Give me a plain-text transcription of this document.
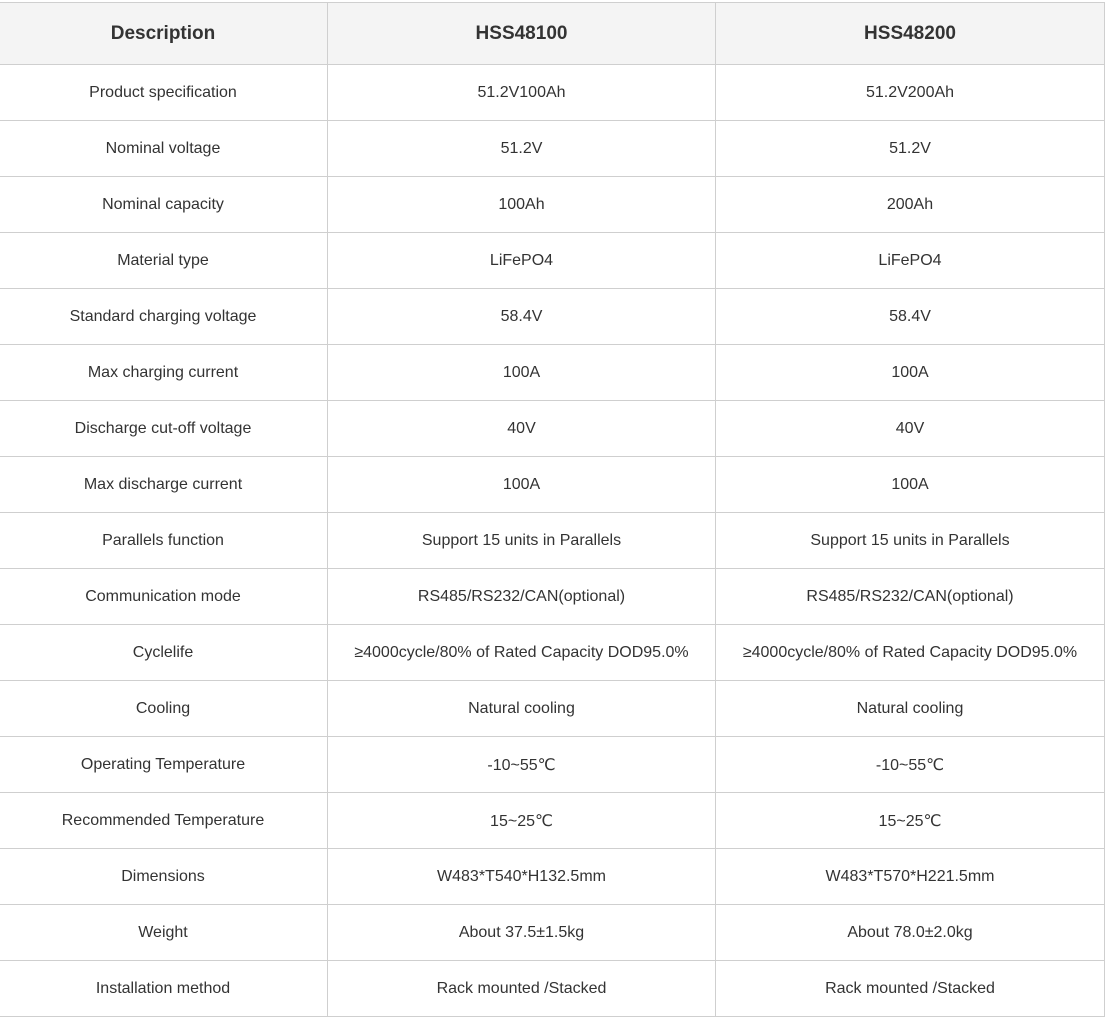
Description	HSS48100	HSS48200
Product specification	51.2V100Ah	51.2V200Ah
Nominal voltage	51.2V	51.2V
Nominal capacity	100Ah	200Ah
Material type	LiFePO4	LiFePO4
Standard charging voltage	58.4V	58.4V
Max charging current	100A	100A
Discharge cut-off voltage	40V	40V
Max discharge current	100A	100A
Parallels function	Support 15 units in Parallels	Support 15 units in Parallels
Communication mode	RS485/RS232/CAN(optional)	RS485/RS232/CAN(optional)
Cyclelife	≥4000cycle/80% of Rated Capacity DOD95.0%	≥4000cycle/80% of Rated Capacity DOD95.0%
Cooling	Natural cooling	Natural cooling
Operating Temperature	-10~55℃	-10~55℃
Recommended Temperature	15~25℃	15~25℃
Dimensions	W483*T540*H132.5mm	W483*T570*H221.5mm
Weight	About 37.5±1.5kg	About 78.0±2.0kg
Installation method	Rack mounted /Stacked	Rack mounted /Stacked
